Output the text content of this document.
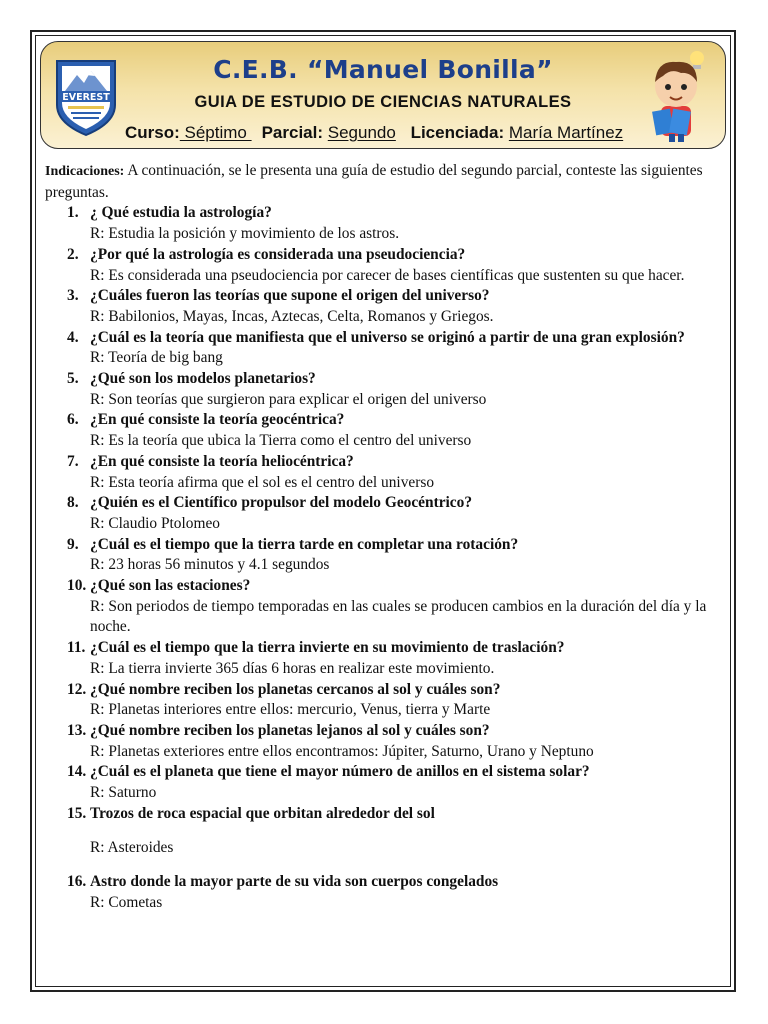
EVEREST
C.E.B. “Manuel Bonilla”
GUIA DE ESTUDIO DE CIENCIAS NATURALES
Curso: Séptimo Parcial: Segundo Licenciada: María Martínez

Indicaciones: A continuación, se le presenta una guía de estudio del segundo parcial, conteste las siguientes preguntas.

1. ¿ Qué estudia la astrología?
R: Estudia la posición y movimiento de los astros.
2. ¿Por qué la astrología es considerada una pseudociencia?
R: Es considerada una pseudociencia por carecer de bases científicas que sustenten su que hacer.
3. ¿Cuáles fueron las teorías que supone el origen del universo?
R: Babilonios, Mayas, Incas, Aztecas, Celta, Romanos y Griegos.
4. ¿Cuál es la teoría que manifiesta que el universo se originó a partir de una gran explosión?
R: Teoría de big bang
5. ¿Qué son los modelos planetarios?
R: Son teorías que surgieron para explicar el origen del universo
6. ¿En qué consiste la teoría geocéntrica?
R: Es la teoría que ubica la Tierra como el centro del universo
7. ¿En qué consiste la teoría heliocéntrica?
R: Esta teoría afirma que el sol es el centro del universo
8. ¿Quién es el Científico propulsor del modelo Geocéntrico?
R: Claudio Ptolomeo
9. ¿Cuál es el tiempo que la tierra tarde en completar una rotación?
R: 23 horas 56 minutos y 4.1 segundos
10. ¿Qué son las estaciones?
R: Son periodos de tiempo temporadas en las cuales se producen cambios en la duración del día y la noche.
11. ¿Cuál es el tiempo que la tierra invierte en su movimiento de traslación?
R: La tierra invierte 365 días 6 horas en realizar este movimiento.
12. ¿Qué nombre reciben los planetas cercanos al sol y cuáles son?
R: Planetas interiores entre ellos: mercurio, Venus, tierra y Marte
13. ¿Qué nombre reciben los planetas lejanos al sol y cuáles son?
R: Planetas exteriores entre ellos encontramos: Júpiter, Saturno, Urano y Neptuno
14. ¿Cuál es el planeta que tiene el mayor número de anillos en el sistema solar?
R: Saturno
15. Trozos de roca espacial que orbitan alrededor del sol
R: Asteroides
16. Astro donde la mayor parte de su vida son cuerpos congelados
R: Cometas
